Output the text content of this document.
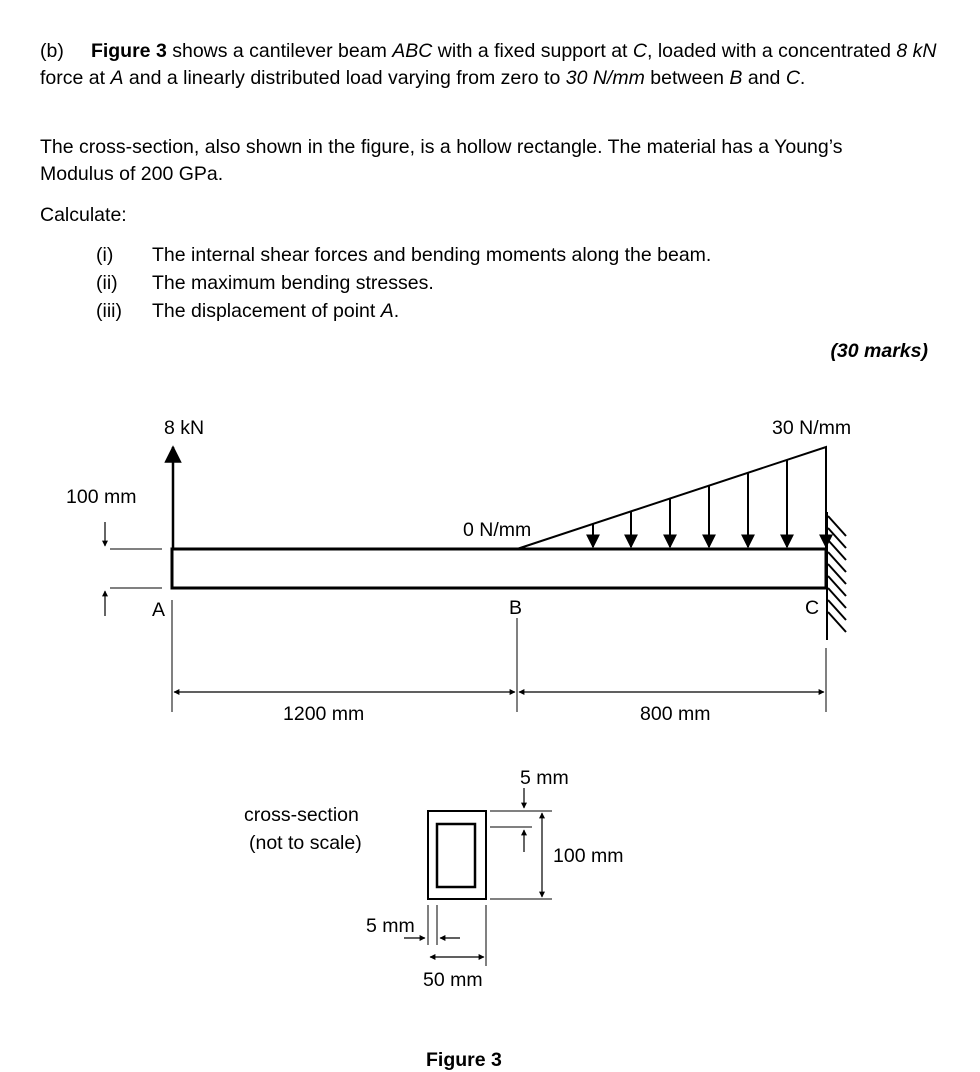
(b) Figure 3 shows a cantilever beam ABC with a fixed support at C, loaded with a concentrated 8 kN force at A and a linearly distributed load varying from zero to 30 N/mm between B and C.
The cross-section, also shown in the figure, is a hollow rectangle. The material has a Young’s
Modulus of 200 GPa.
Calculate:
(i) The internal shear forces and bending moments along the beam.
(ii) The maximum bending stresses.
(iii) The displacement of point A.
(30 marks)
8 kN	30 N/mm
0 N/mm
100 mm
A	B	C
1200 mm	800 mm
cross-section
(not to scale)
100 mm
5 mm
5 mm
50 mm
Figure 3
